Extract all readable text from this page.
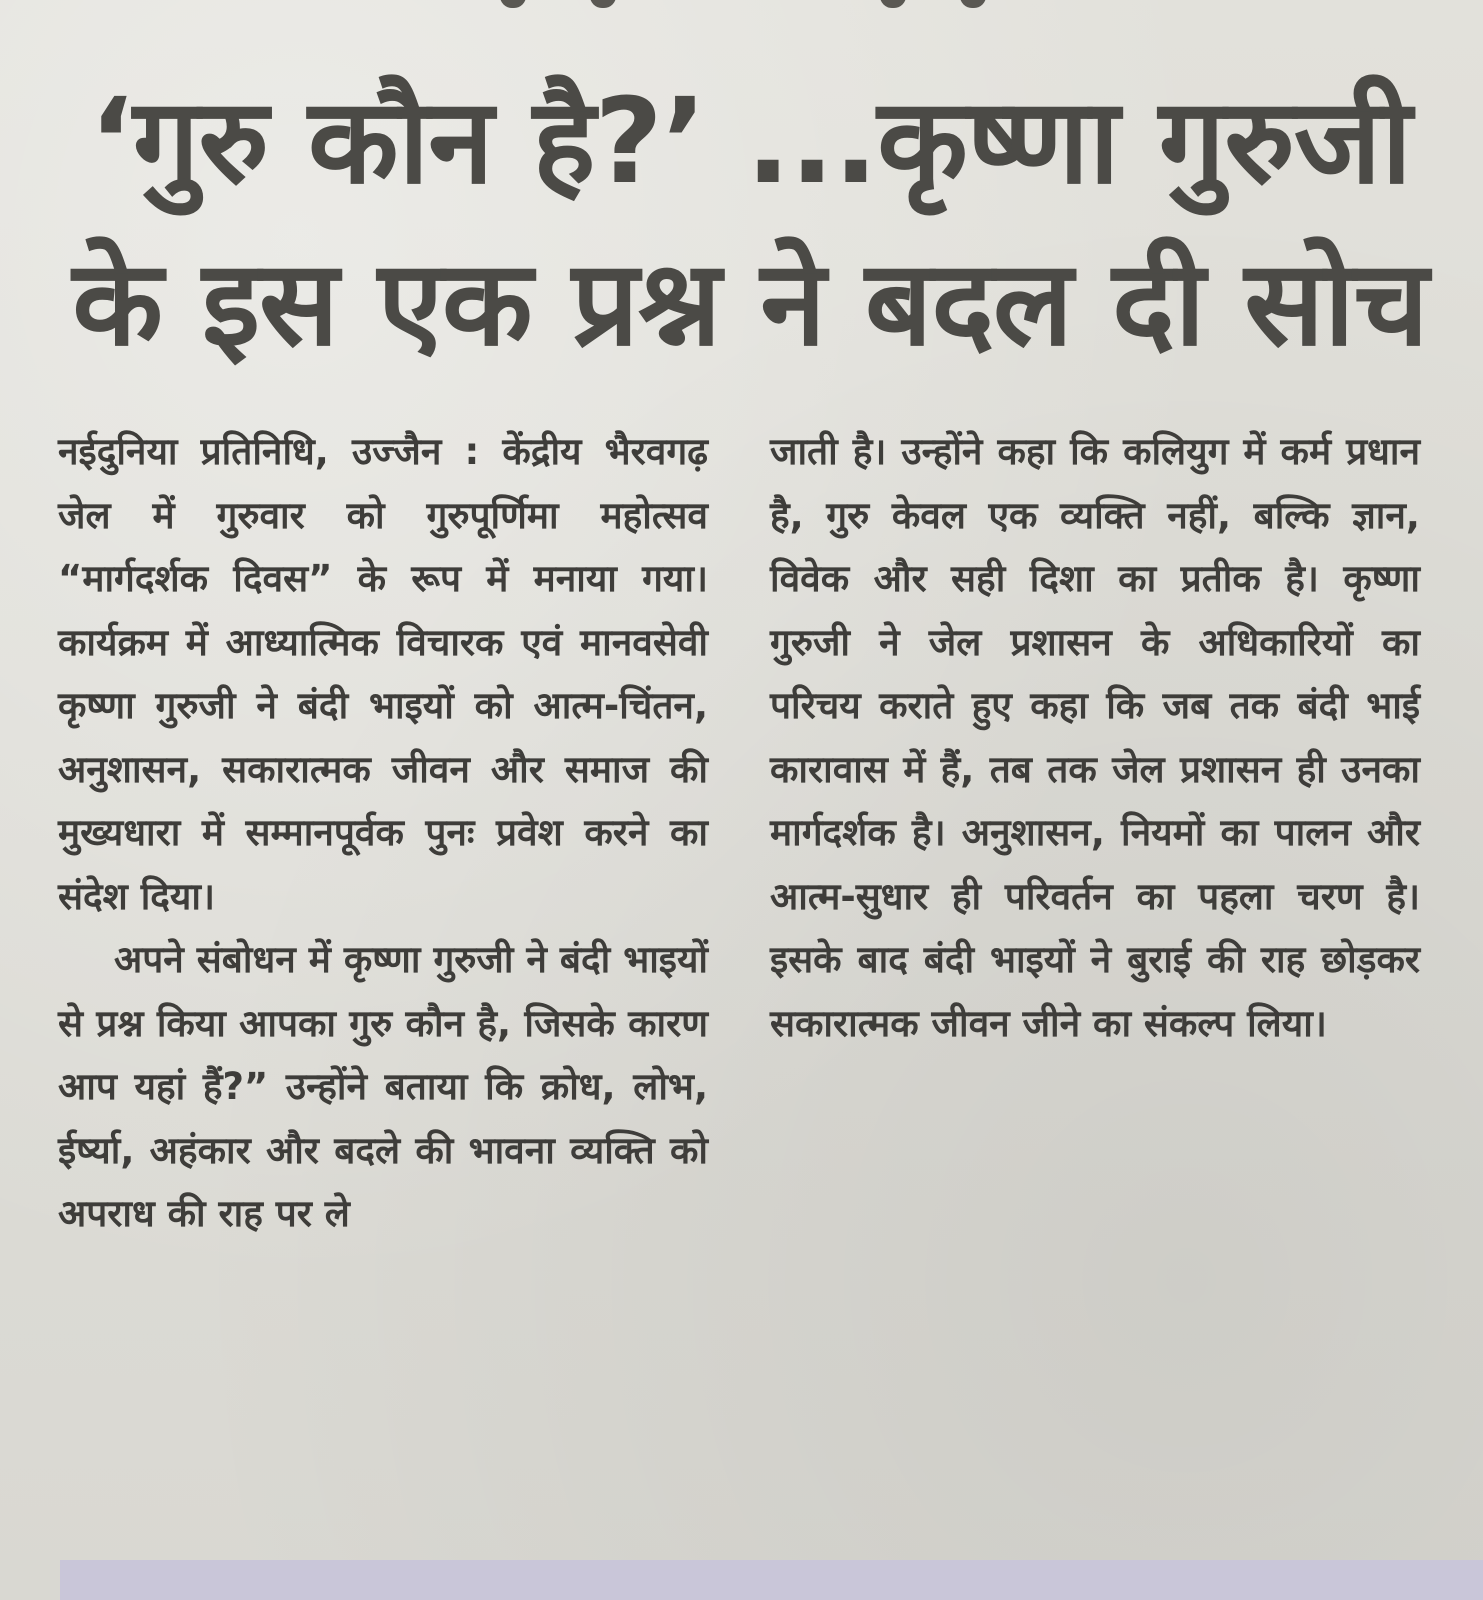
‘गुरु कौन है?’ ...कृष्णा गुरुजी
के इस एक प्रश्न ने बदल दी सोच

नईदुनिया प्रतिनिधि, उज्जैन : केंद्रीय भैरवगढ़ जेल में गुरुवार को गुरुपूर्णिमा महोत्सव “मार्गदर्शक दिवस” के रूप में मनाया गया। कार्यक्रम में आध्यात्मिक विचारक एवं मानवसेवी कृष्णा गुरुजी ने बंदी भाइयों को आत्म-चिंतन, अनुशासन, सकारात्मक जीवन और समाज की मुख्यधारा में सम्मानपूर्वक पुनः प्रवेश करने का संदेश दिया।

अपने संबोधन में कृष्णा गुरुजी ने बंदी भाइयों से प्रश्न किया आपका गुरु कौन है, जिसके कारण आप यहां हैं?” उन्होंने बताया कि क्रोध, लोभ, ईर्ष्या, अहंकार और बदले की भावना व्यक्ति को अपराध की राह पर ले

जाती है। उन्होंने कहा कि कलियुग में कर्म प्रधान है, गुरु केवल एक व्यक्ति नहीं, बल्कि ज्ञान, विवेक और सही दिशा का प्रतीक है। कृष्णा गुरुजी ने जेल प्रशासन के अधिकारियों का परिचय कराते हुए कहा कि जब तक बंदी भाई कारावास में हैं, तब तक जेल प्रशासन ही उनका मार्गदर्शक है। अनुशासन, नियमों का पालन और आत्म-सुधार ही परिवर्तन का पहला चरण है। इसके बाद बंदी भाइयों ने बुराई की राह छोड़कर सकारात्मक जीवन जीने का संकल्प लिया।
